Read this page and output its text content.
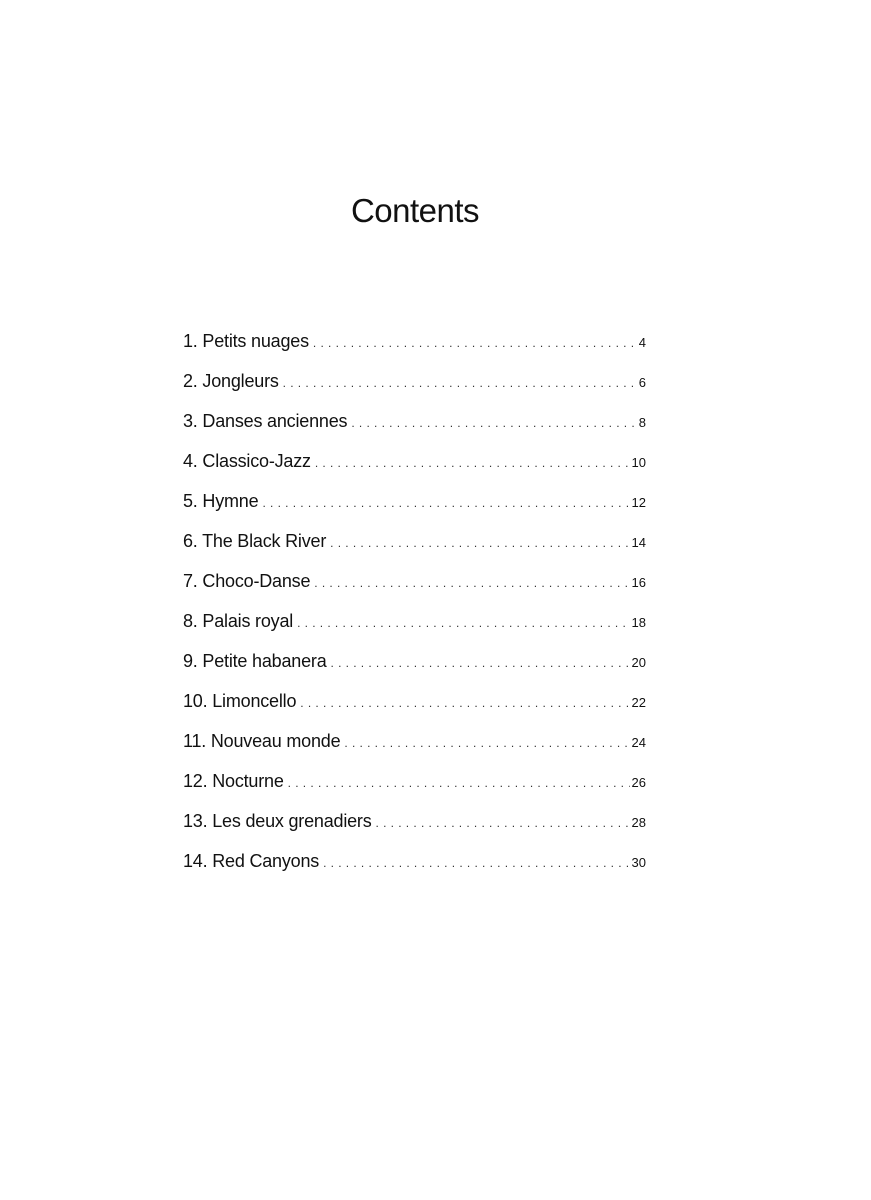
Contents
1. Petits nuages . . .	4
2. Jongleurs . . .	6
3. Danses anciennes . . .	8
4. Classico-Jazz . . .	10
5. Hymne . . .	12
6. The Black River . . .	14
7. Choco-Danse . . .	16
8. Palais royal . . .	18
9. Petite habanera . . .	20
10. Limoncello . . .	22
11. Nouveau monde . . .	24
12. Nocturne . . .	26
13. Les deux grenadiers . . .	28
14. Red Canyons . . .	30
